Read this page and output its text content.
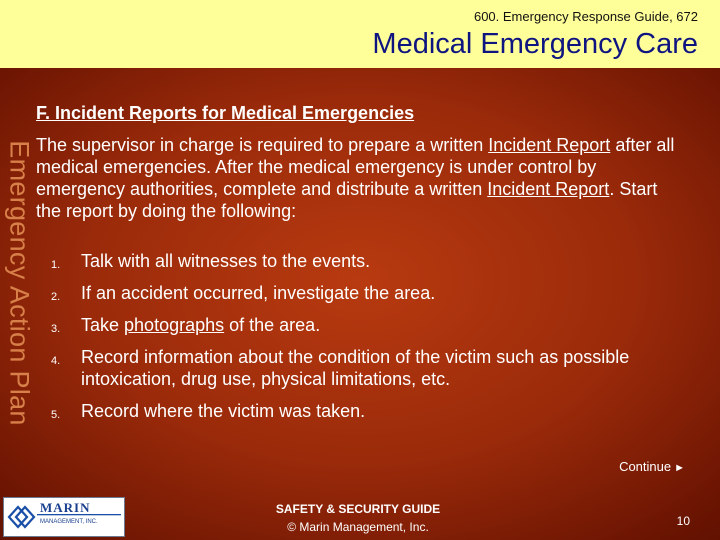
600. Emergency Response Guide, 672
Medical Emergency Care
Emergency Action Plan
F. Incident Reports for Medical Emergencies

The supervisor in charge is required to prepare a written Incident Report after all medical emergencies. After the medical emergency is under control by emergency authorities, complete and distribute a written Incident Report. Start the report by doing the following:

1. Talk with all witnesses to the events.
2. If an accident occurred, investigate the area.
3. Take photographs of the area.
4. Record information about the condition of the victim such as possible intoxication, drug use, physical limitations, etc.
5. Record where the victim was taken.
Continue ►
MARIN
MANAGEMENT, INC.
SAFETY & SECURITY GUIDE
© Marin Management, Inc.	10
